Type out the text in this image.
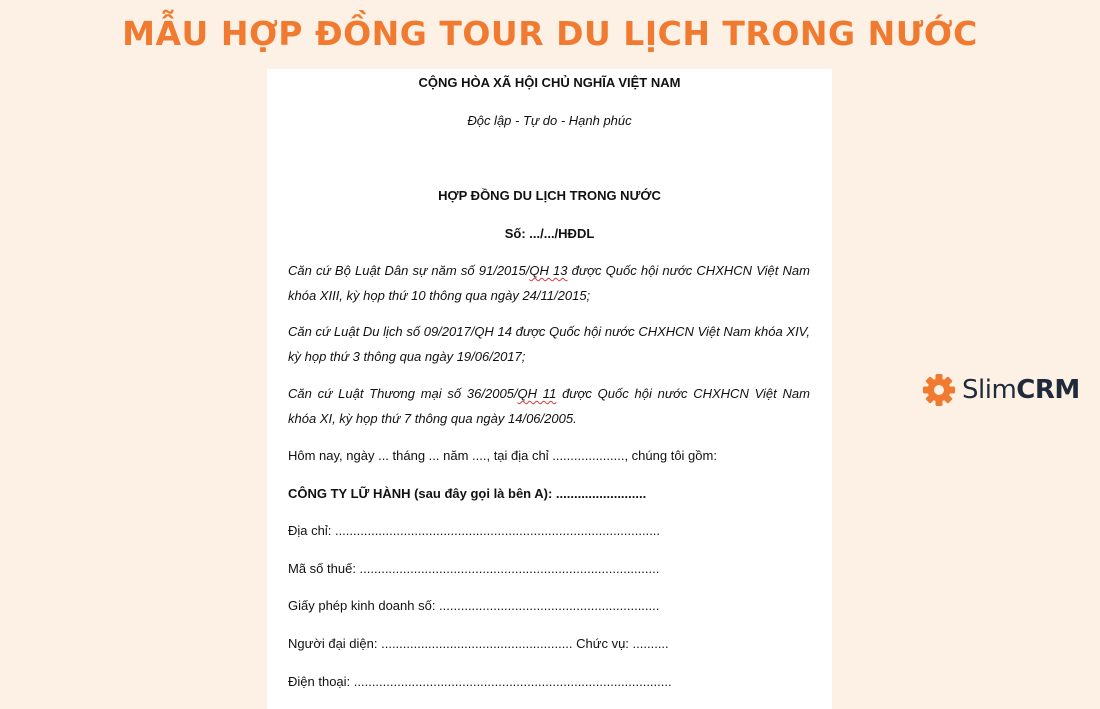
MẪU HỢP ĐỒNG TOUR DU LỊCH TRONG NƯỚC
CỘNG HÒA XÃ HỘI CHỦ NGHĨA VIỆT NAM
Độc lập - Tự do - Hạnh phúc
HỢP ĐỒNG DU LỊCH TRONG NƯỚC
Số: .../.../HĐDL
Căn cứ Bộ Luật Dân sự năm số 91/2015/QH 13 được Quốc hội nước CHXHCN Việt Nam khóa XIII, kỳ họp thứ 10 thông qua ngày 24/11/2015;
Căn cứ Luật Du lịch số 09/2017/QH 14 được Quốc hội nước CHXHCN Việt Nam khóa XIV, kỳ họp thứ 3 thông qua ngày 19/06/2017;
Căn cứ Luật Thương mại số 36/2005/QH 11 được Quốc hội nước CHXHCN Việt Nam khóa XI, kỳ họp thứ 7 thông qua ngày 14/06/2005.
Hôm nay, ngày ... tháng ... năm ...., tại địa chỉ ...................., chúng tôi gồm:
CÔNG TY LỮ HÀNH (sau đây gọi là bên A): .........................
Địa chỉ: ..........................................................................................
Mã số thuế: ...................................................................................
Giấy phép kinh doanh số: .............................................................
Người đại diện: ..................................................... Chức vụ: ..........
Điện thoại: ........................................................................................
SlimCRM
